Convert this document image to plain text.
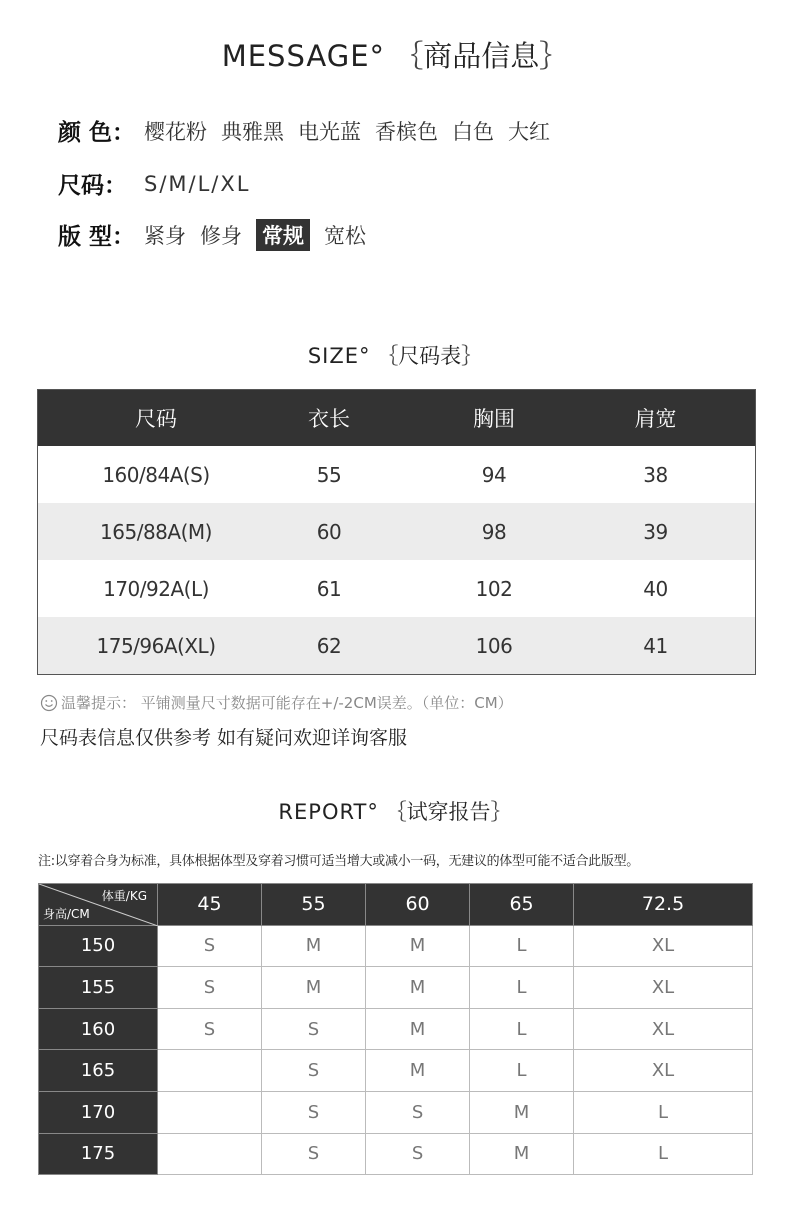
MESSAGE° ｛商品信息｝
颜 色： 樱花粉 典雅黑 电光蓝 香槟色 白色 大红
尺码： S/M/L/XL
版 型： 紧身 修身 常规 宽松
SIZE° ｛尺码表｝
尺码	衣长	胸围	肩宽
160/84A(S)	55	94	38
165/88A(M)	60	98	39
170/92A(L)	61	102	40
175/96A(XL)	62	106	41
温馨提示： 平铺测量尺寸数据可能存在+/-2CM误差。（单位：CM）
尺码表信息仅供参考 如有疑问欢迎详询客服
REPORT° ｛试穿报告｝
注:以穿着合身为标准，具体根据体型及穿着习惯可适当增大或减小一码，无建议的体型可能不适合此版型。
体重/KG
身高/CM	45	55	60	65	72.5
150	S	M	M	L	XL
155	S	M	M	L	XL
160	S	S	M	L	XL
165		S	M	L	XL
170		S	S	M	L
175		S	S	M	L
